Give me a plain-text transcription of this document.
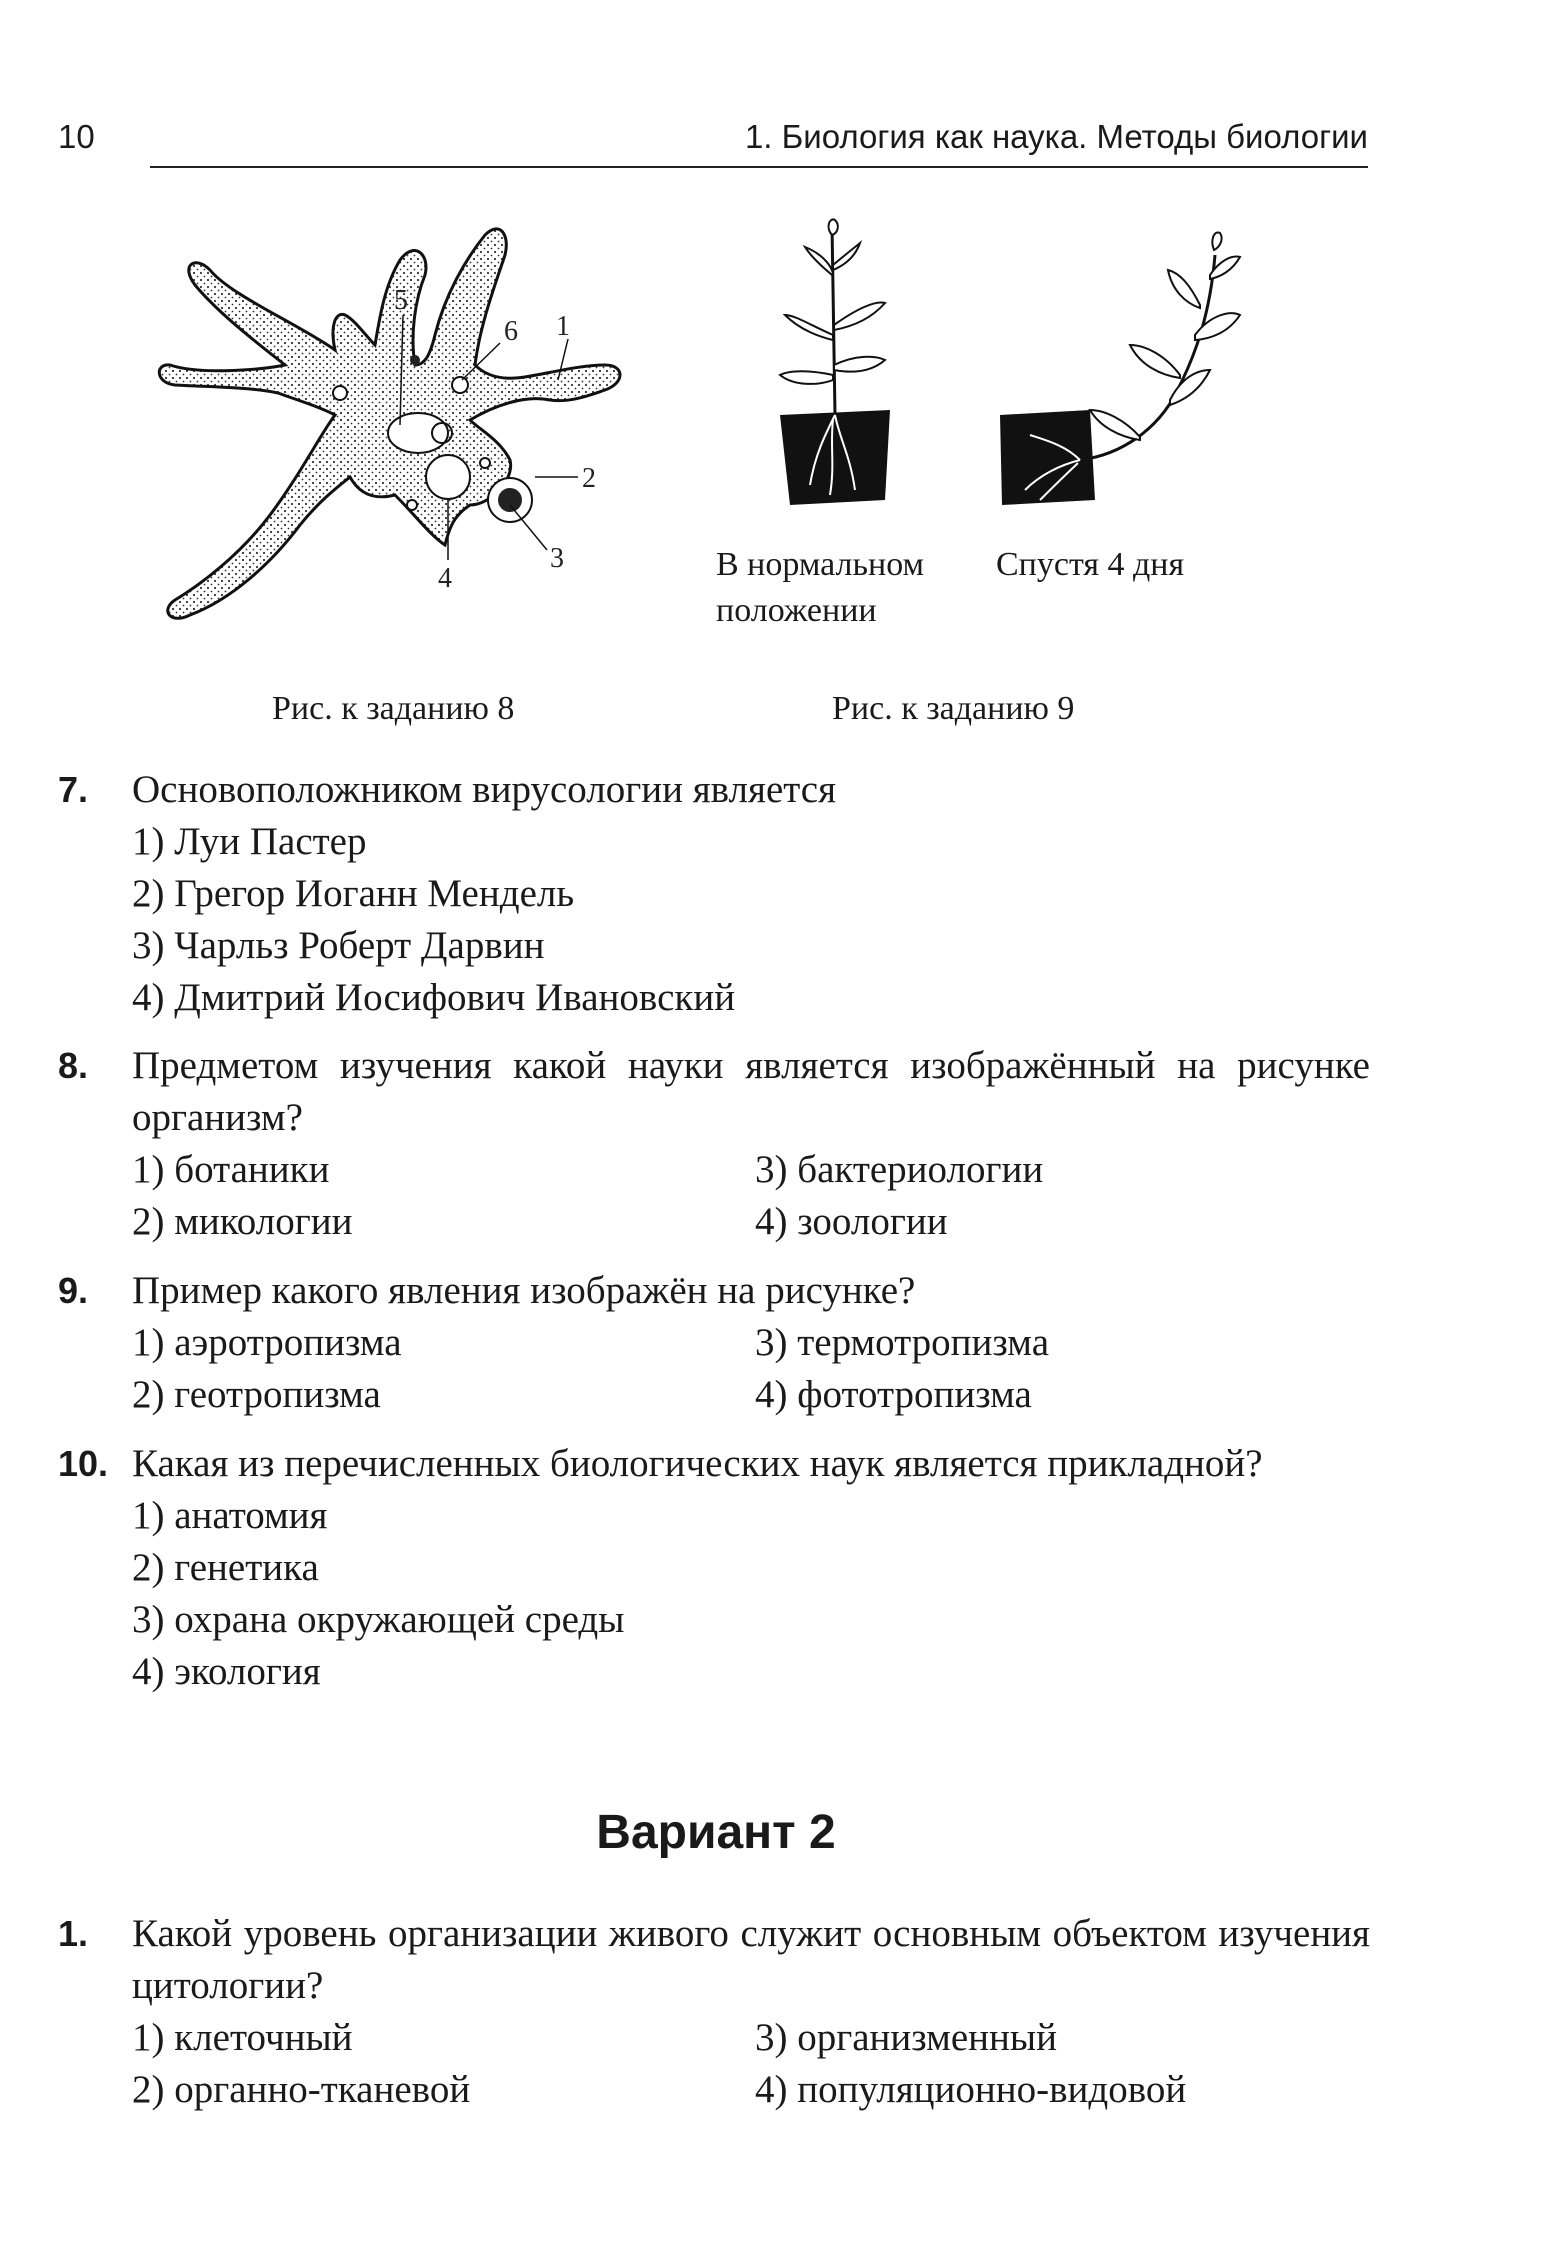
10	1. Биология как наука. Методы биологии
1
2
3
4
5
6
Рис. к заданию 8
В нормальном положении
Спустя 4 дня
Рис. к заданию 9
7. Основоположником вирусологии является
1) Луи Пастер
2) Грегор Иоганн Мендель
3) Чарльз Роберт Дарвин
4) Дмитрий Иосифович Ивановский
8. Предметом изучения какой науки является изображённый на рисунке организм?
1) ботаники
2) микологии
3) бактериологии
4) зоологии
9. Пример какого явления изображён на рисунке?
1) аэротропизма
2) геотропизма
3) термотропизма
4) фототропизма
10. Какая из перечисленных биологических наук является прикладной?
1) анатомия
2) генетика
3) охрана окружающей среды
4) экология
Вариант 2
1. Какой уровень организации живого служит основным объектом изучения цитологии?
1) клеточный
2) органно-тканевой
3) организменный
4) популяционно-видовой
